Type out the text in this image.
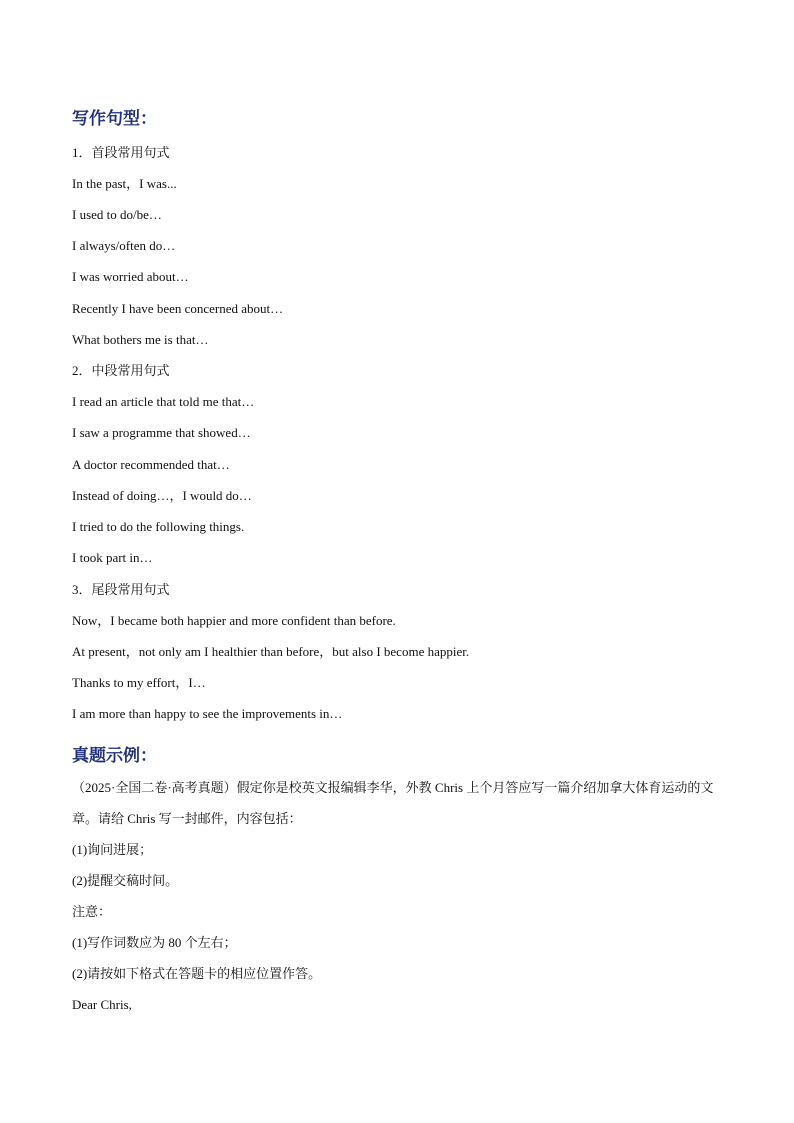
写作句型：
1．首段常用句式
In the past，I was...
I used to do/be…
I always/often do…
I was worried about…
Recently I have been concerned about…
What bothers me is that…
2．中段常用句式
I read an article that told me that…
I saw a programme that showed…
A doctor recommended that…
Instead of doing…，I would do…
I tried to do the following things.
I took part in…
3．尾段常用句式
Now，I became both happier and more confident than before.
At present，not only am I healthier than before，but also I become happier.
Thanks to my effort，I…
I am more than happy to see the improvements in…
真题示例：
（2025·全国二卷·高考真题）假定你是校英文报编辑李华，外教 Chris 上个月答应写一篇介绍加拿大体育运动的文章。请给 Chris 写一封邮件，内容包括：
(1)询问进展；
(2)提醒交稿时间。
注意：
(1)写作词数应为 80 个左右；
(2)请按如下格式在答题卡的相应位置作答。
Dear Chris,
